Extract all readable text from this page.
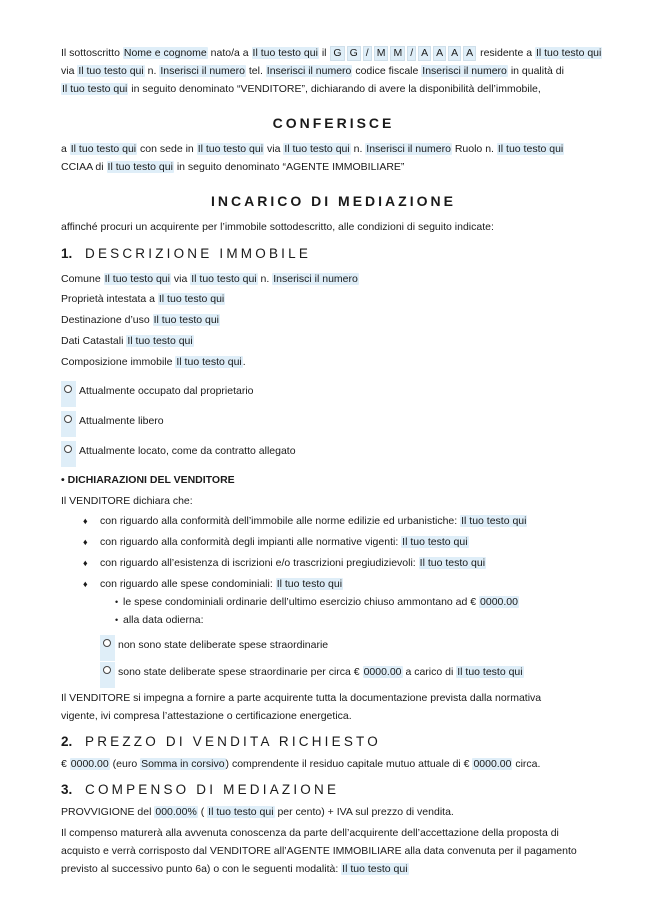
Il sottoscritto Nome e cognome nato/a a Il tuo testo qui il G G / M M / A A A A residente a Il tuo testo qui
via Il tuo testo qui n. Inserisci il numero tel. Inserisci il numero codice fiscale Inserisci il numero in qualità di
Il tuo testo qui in seguito denominato “VENDITORE”, dichiarando di avere la disponibilità dell’immobile,
CONFERISCE
a Il tuo testo qui con sede in Il tuo testo qui via Il tuo testo qui n. Inserisci il numero Ruolo n. Il tuo testo qui
CCIAA di Il tuo testo qui in seguito denominato “AGENTE IMMOBILIARE”
INCARICO DI MEDIAZIONE
affinché procuri un acquirente per l’immobile sottodescritto, alle condizioni di seguito indicate:
1. DESCRIZIONE IMMOBILE
Comune Il tuo testo qui via Il tuo testo qui n. Inserisci il numero
Proprietà intestata a Il tuo testo qui
Destinazione d’uso Il tuo testo qui
Dati Catastali Il tuo testo qui
Composizione immobile Il tuo testo qui.
Attualmente occupato dal proprietario
Attualmente libero
Attualmente locato, come da contratto allegato
• DICHIARAZIONI DEL VENDITORE
Il VENDITORE dichiara che:
♦ con riguardo alla conformità dell’immobile alle norme edilizie ed urbanistiche: Il tuo testo qui
♦ con riguardo alla conformità degli impianti alle normative vigenti: Il tuo testo qui
♦ con riguardo all’esistenza di iscrizioni e/o trascrizioni pregiudizievoli: Il tuo testo qui
♦ con riguardo alle spese condominiali: Il tuo testo qui
• le spese condominiali ordinarie dell’ultimo esercizio chiuso ammontano ad € 0000.00
• alla data odierna:
non sono state deliberate spese straordinarie
sono state deliberate spese straordinarie per circa € 0000.00 a carico di Il tuo testo qui
Il VENDITORE si impegna a fornire a parte acquirente tutta la documentazione prevista dalla normativa
vigente, ivi compresa l’attestazione o certificazione energetica.
2. PREZZO DI VENDITA RICHIESTO
€ 0000.00 (euro Somma in corsivo) comprendente il residuo capitale mutuo attuale di € 0000.00 circa.
3. COMPENSO DI MEDIAZIONE
PROVVIGIONE del 000.00% ( Il tuo testo qui per cento) + IVA sul prezzo di vendita.
Il compenso maturerà alla avvenuta conoscenza da parte dell’acquirente dell’accettazione della proposta di
acquisto e verrà corrisposto dal VENDITORE all’AGENTE IMMOBILIARE alla data convenuta per il pagamento
previsto al successivo punto 6a) o con le seguenti modalità: Il tuo testo qui
